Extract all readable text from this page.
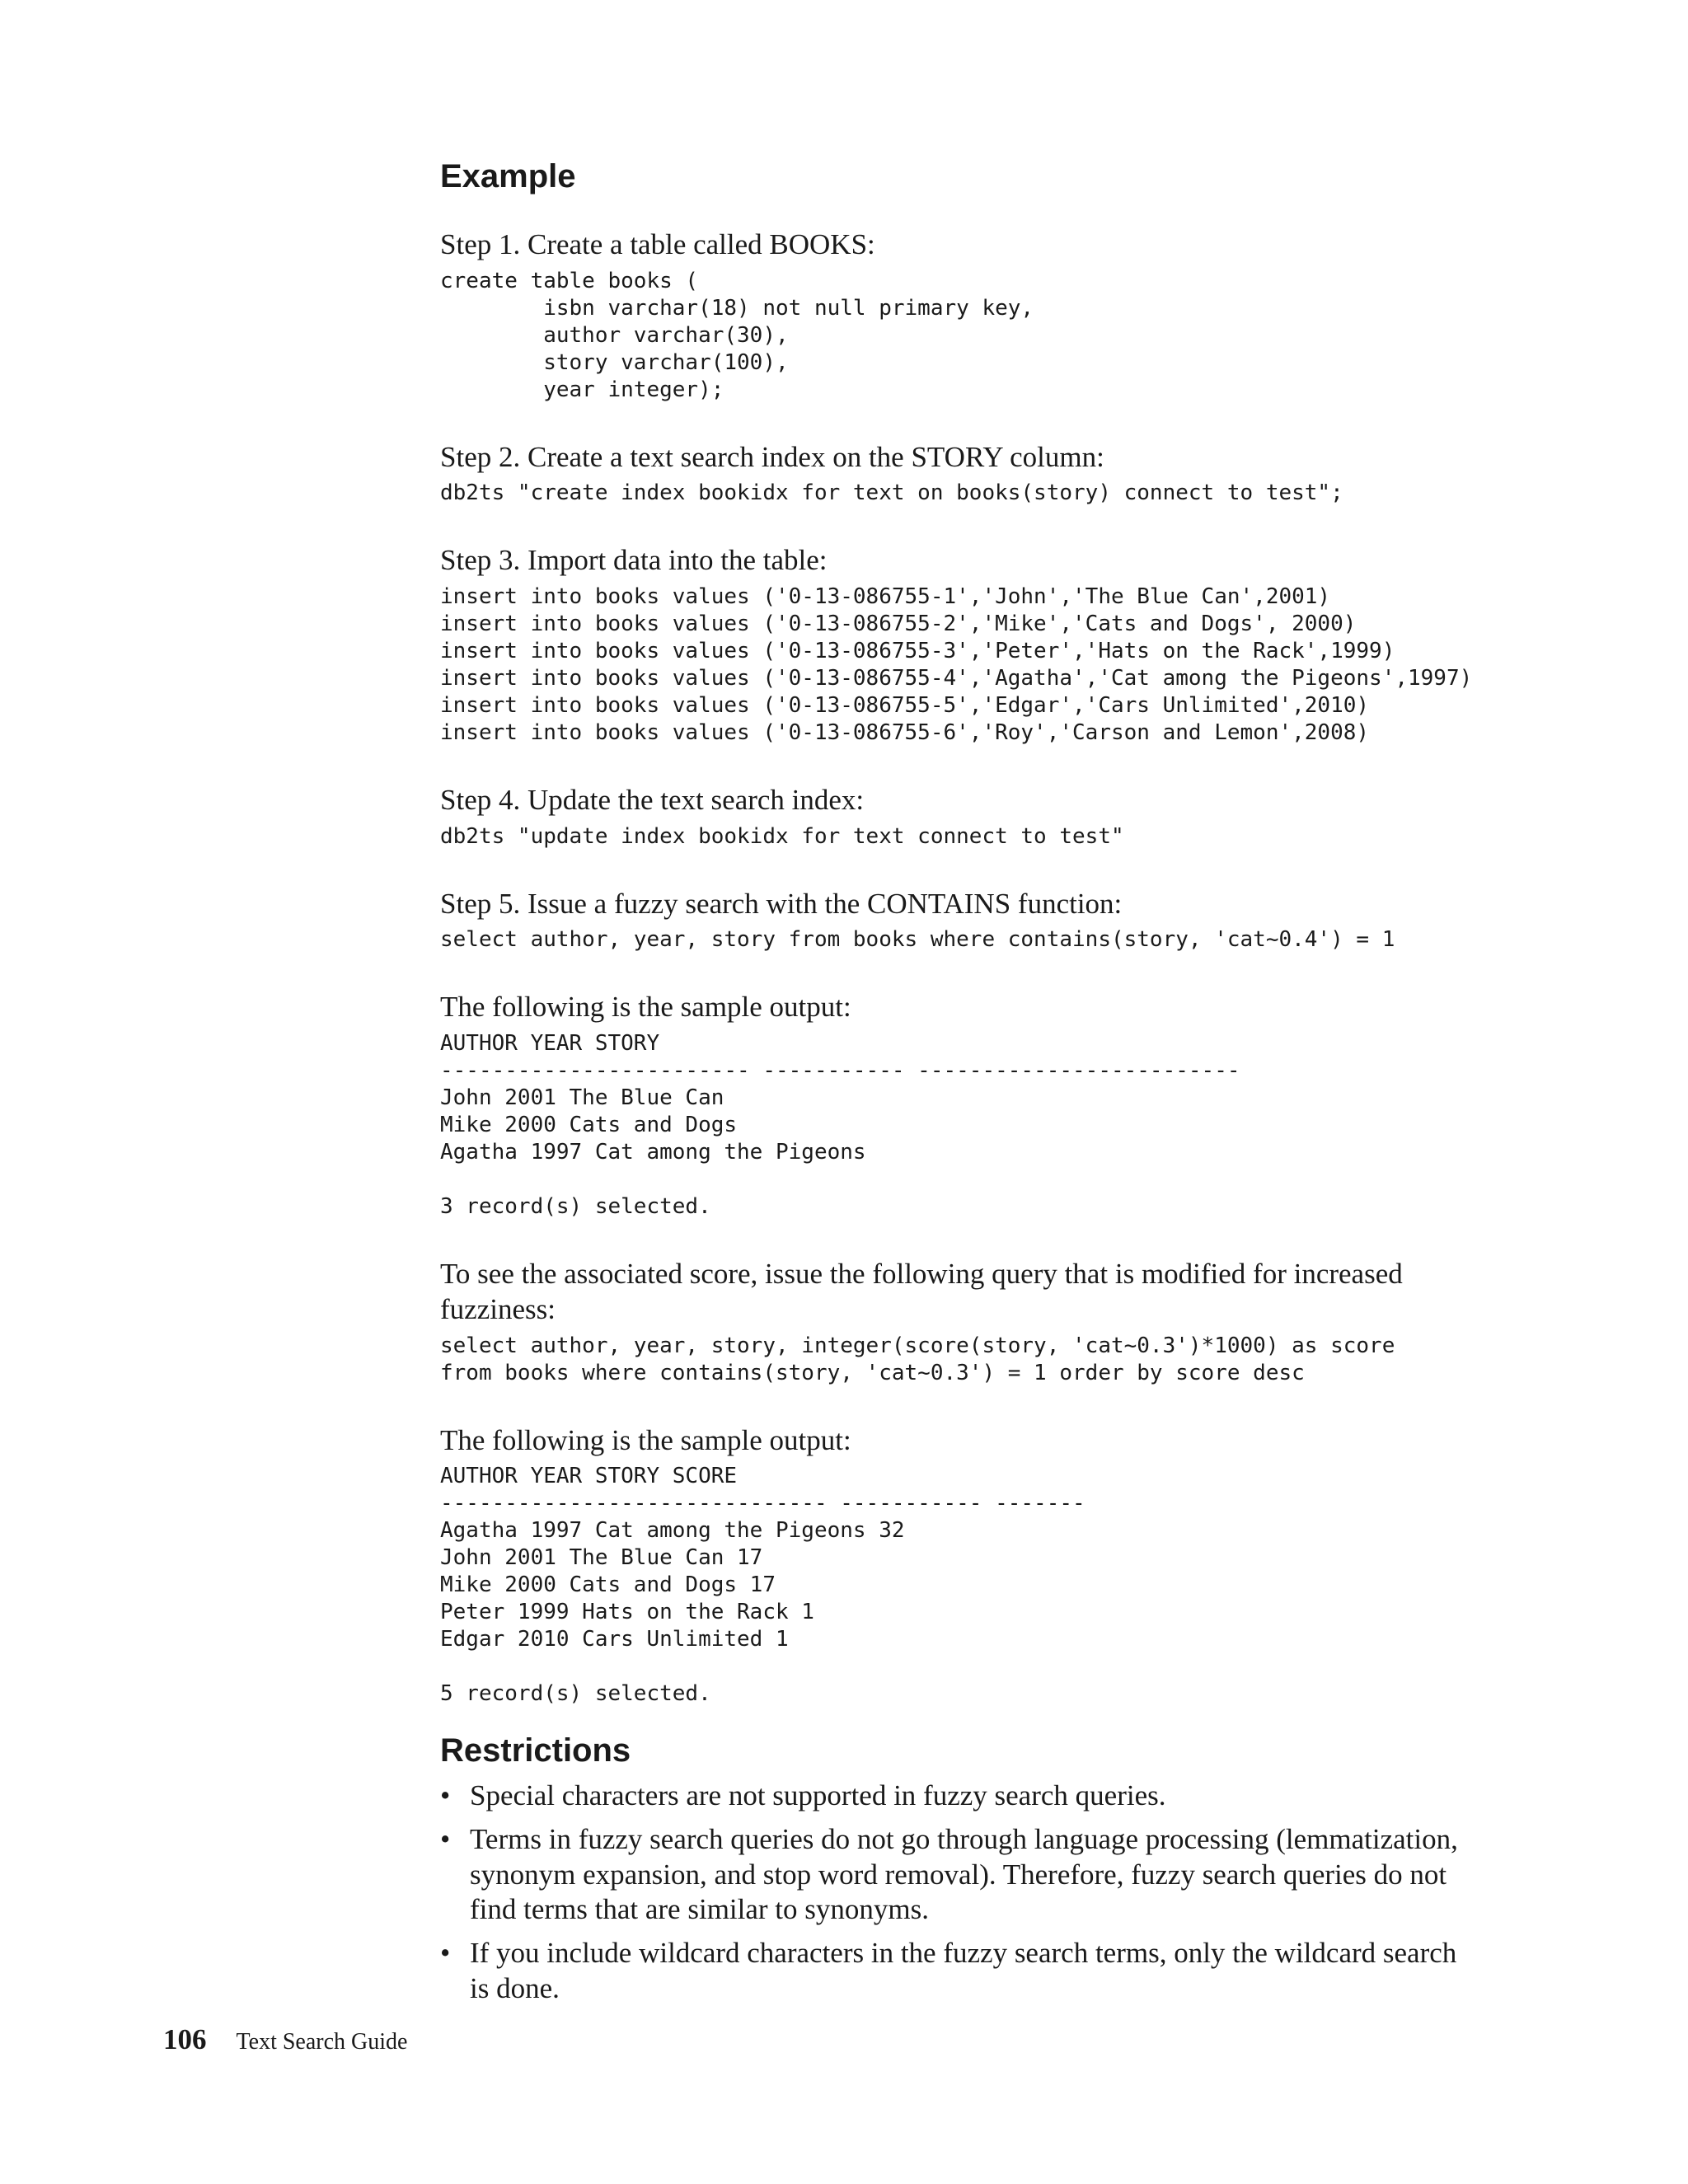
Example

Step 1. Create a table called BOOKS:

create table books (
isbn varchar(18) not null primary key,
author varchar(30),
story varchar(100),
year integer);

Step 2. Create a text search index on the STORY column:

db2ts "create index bookidx for text on books(story) connect to test";

Step 3. Import data into the table:

insert into books values ('0-13-086755-1','John','The Blue Can',2001)
insert into books values ('0-13-086755-2','Mike','Cats and Dogs', 2000)
insert into books values ('0-13-086755-3','Peter','Hats on the Rack',1999)
insert into books values ('0-13-086755-4','Agatha','Cat among the Pigeons',1997)
insert into books values ('0-13-086755-5','Edgar','Cars Unlimited',2010)
insert into books values ('0-13-086755-6','Roy','Carson and Lemon',2008)

Step 4. Update the text search index:

db2ts "update index bookidx for text connect to test"

Step 5. Issue a fuzzy search with the CONTAINS function:

select author, year, story from books where contains(story, 'cat~0.4') = 1

The following is the sample output:

AUTHOR YEAR STORY
------------------------ ----------- -------------------------
John 2001 The Blue Can
Mike 2000 Cats and Dogs
Agatha 1997 Cat among the Pigeons

3 record(s) selected.

To see the associated score, issue the following query that is modified for increased fuzziness:

select author, year, story, integer(score(story, 'cat~0.3')*1000) as score
from books where contains(story, 'cat~0.3') = 1 order by score desc

The following is the sample output:

AUTHOR YEAR STORY SCORE
------------------------------ ----------- -------
Agatha 1997 Cat among the Pigeons 32
John 2001 The Blue Can 17
Mike 2000 Cats and Dogs 17
Peter 1999 Hats on the Rack 1
Edgar 2010 Cars Unlimited 1

5 record(s) selected.
Restrictions
• Special characters are not supported in fuzzy search queries.
• Terms in fuzzy search queries do not go through language processing (lemmatization, synonym expansion, and stop word removal). Therefore, fuzzy search queries do not find terms that are similar to synonyms.
• If you include wildcard characters in the fuzzy search terms, only the wildcard search is done.
106 Text Search Guide
